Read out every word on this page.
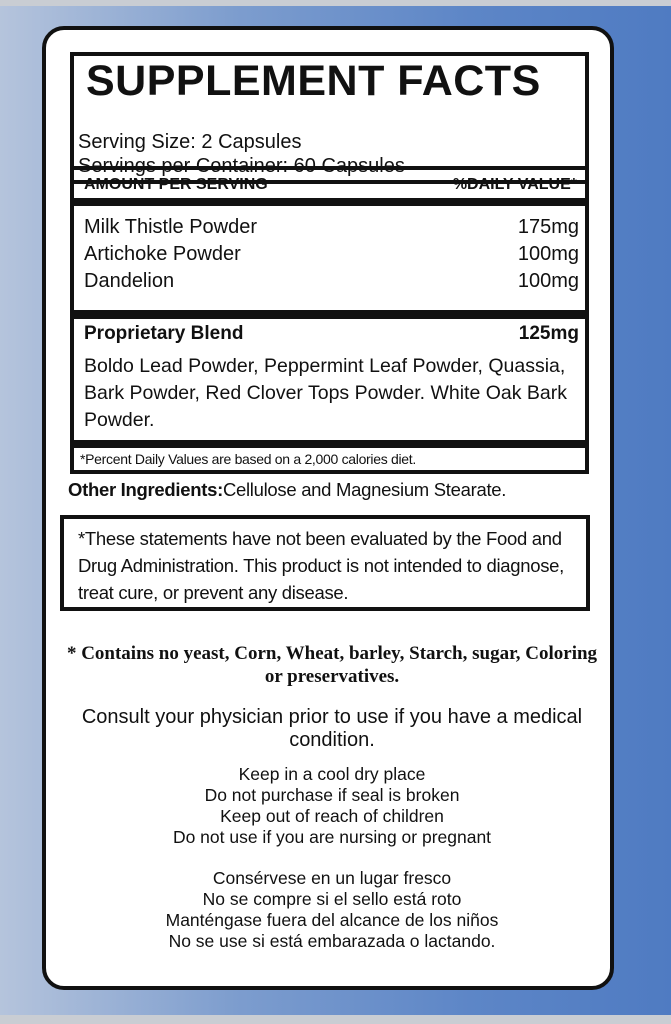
SUPPLEMENT FACTS
Serving Size: 2 Capsules
Servings per Container: 60 Capsules
AMOUNT PER SERVING	%DAILY VALUE*
Milk Thistle Powder	175mg
Artichoke Powder	100mg
Dandelion	100mg
Proprietary Blend	125mg
Boldo Lead Powder, Peppermint Leaf Powder, Quassia, Bark Powder, Red Clover Tops Powder. White Oak Bark Powder.
*Percent Daily Values are based on a 2,000 calories diet.
Other Ingredients:Cellulose and Magnesium Stearate.
*These statements have not been evaluated by the Food and Drug Administration. This product is not intended to diagnose, treat cure, or prevent any disease.
* Contains no yeast, Corn, Wheat, barley, Starch, sugar, Coloring or preservatives.
Consult your physician prior to use if you have a medical condition.
Keep in a cool dry place
Do not purchase if seal is broken
Keep out of reach of children
Do not use if you are nursing or pregnant
Consérvese en un lugar fresco
No se compre si el sello está roto
Manténgase fuera del alcance de los niños
No se use si está embarazada o lactando.
